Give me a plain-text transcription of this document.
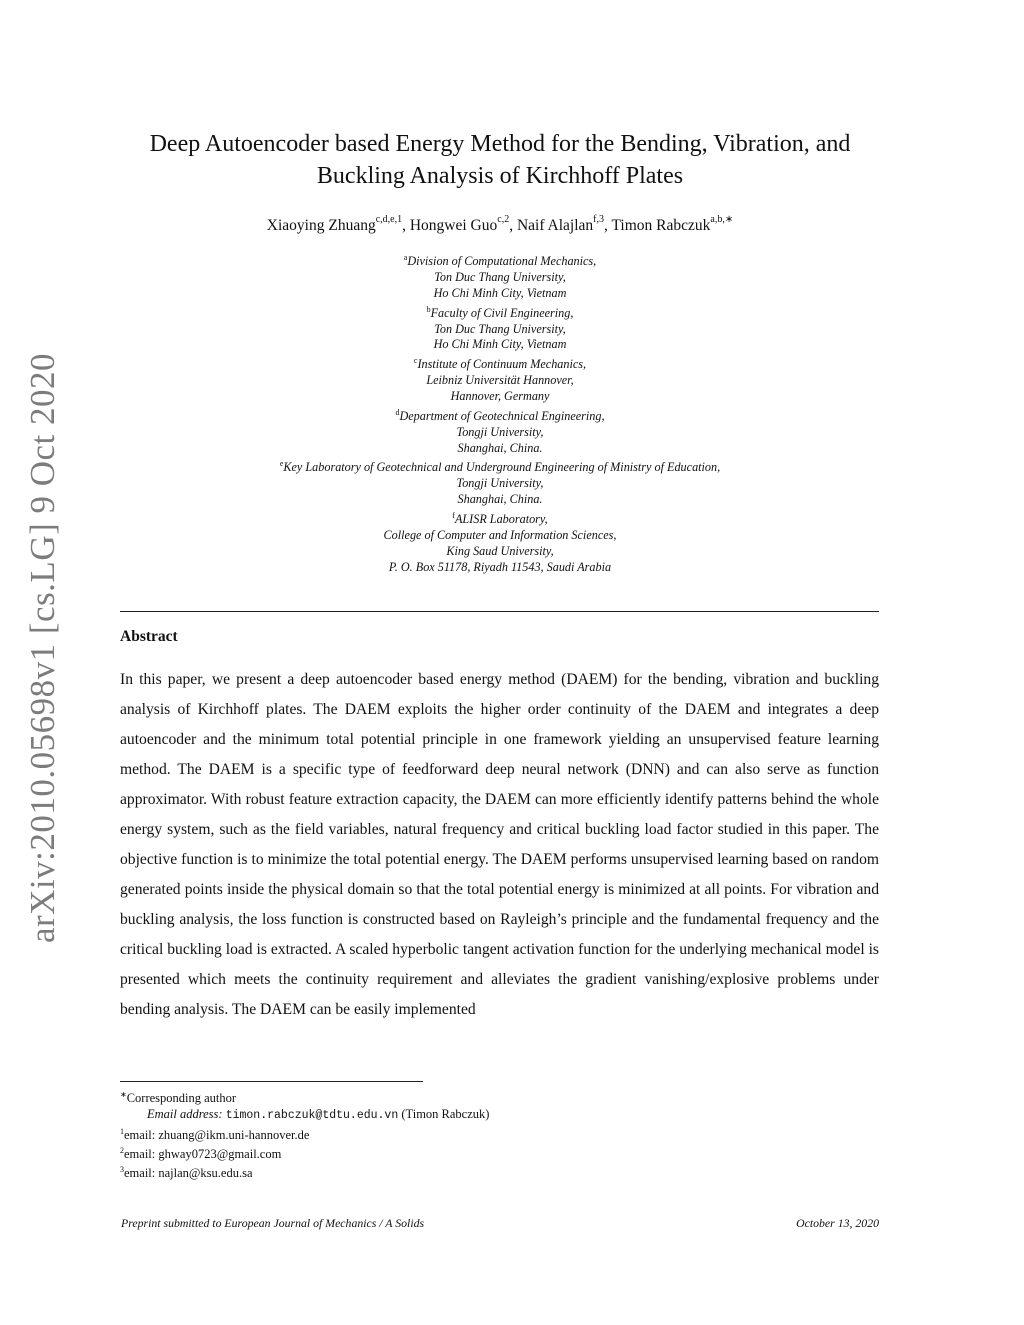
arXiv:2010.05698v1 [cs.LG] 9 Oct 2020
Deep Autoencoder based Energy Method for the Bending, Vibration, and
Buckling Analysis of Kirchhoff Plates
Xiaoying Zhuang$^{c,d,e,1}$, Hongwei Guo$^{c,2}$, Naif Alajlan$^{f,3}$, Timon Rabczuk$^{a,b,∗}$
$^a$Division of Computational Mechanics,
Ton Duc Thang University,
Ho Chi Minh City, Vietnam
$^b$Faculty of Civil Engineering,
Ton Duc Thang University,
Ho Chi Minh City, Vietnam
$^c$Institute of Continuum Mechanics,
Leibniz Universität Hannover,
Hannover, Germany
$^d$Department of Geotechnical Engineering,
Tongji University,
Shanghai, China.
$^e$Key Laboratory of Geotechnical and Underground Engineering of Ministry of Education,
Tongji University,
Shanghai, China.
$^f$ALISR Laboratory,
College of Computer and Information Sciences,
King Saud University,
P. O. Box 51178, Riyadh 11543, Saudi Arabia
Abstract
In this paper, we present a deep autoencoder based energy method (DAEM) for the bending, vibration and buckling analysis of Kirchhoff plates. The DAEM exploits the higher order continuity of the DAEM and integrates a deep autoencoder and the minimum total potential principle in one framework yielding an unsupervised feature learning method. The DAEM is a specific type of feedforward deep neural network (DNN) and can also serve as function approximator. With robust feature extraction capacity, the DAEM can more efficiently identify patterns behind the whole energy system, such as the field variables, natural frequency and critical buckling load factor studied in this paper. The objective function is to minimize the total potential energy. The DAEM performs unsupervised learning based on random generated points inside the physical domain so that the total potential energy is minimized at all points. For vibration and buckling analysis, the loss function is constructed based on Rayleigh’s principle and the fundamental frequency and the critical buckling load is extracted. A scaled hyperbolic tangent activation function for the underlying mechanical model is presented which meets the continuity requirement and alleviates the gradient vanishing/explosive problems under bending analysis. The DAEM can be easily implemented
∗Corresponding author
Email address: timon.rabczuk@tdtu.edu.vn (Timon Rabczuk)
$^1$email: zhuang@ikm.uni-hannover.de
$^2$email: ghway0723@gmail.com
$^3$email: najlan@ksu.edu.sa
Preprint submitted to European Journal of Mechanics / A Solids	October 13, 2020
